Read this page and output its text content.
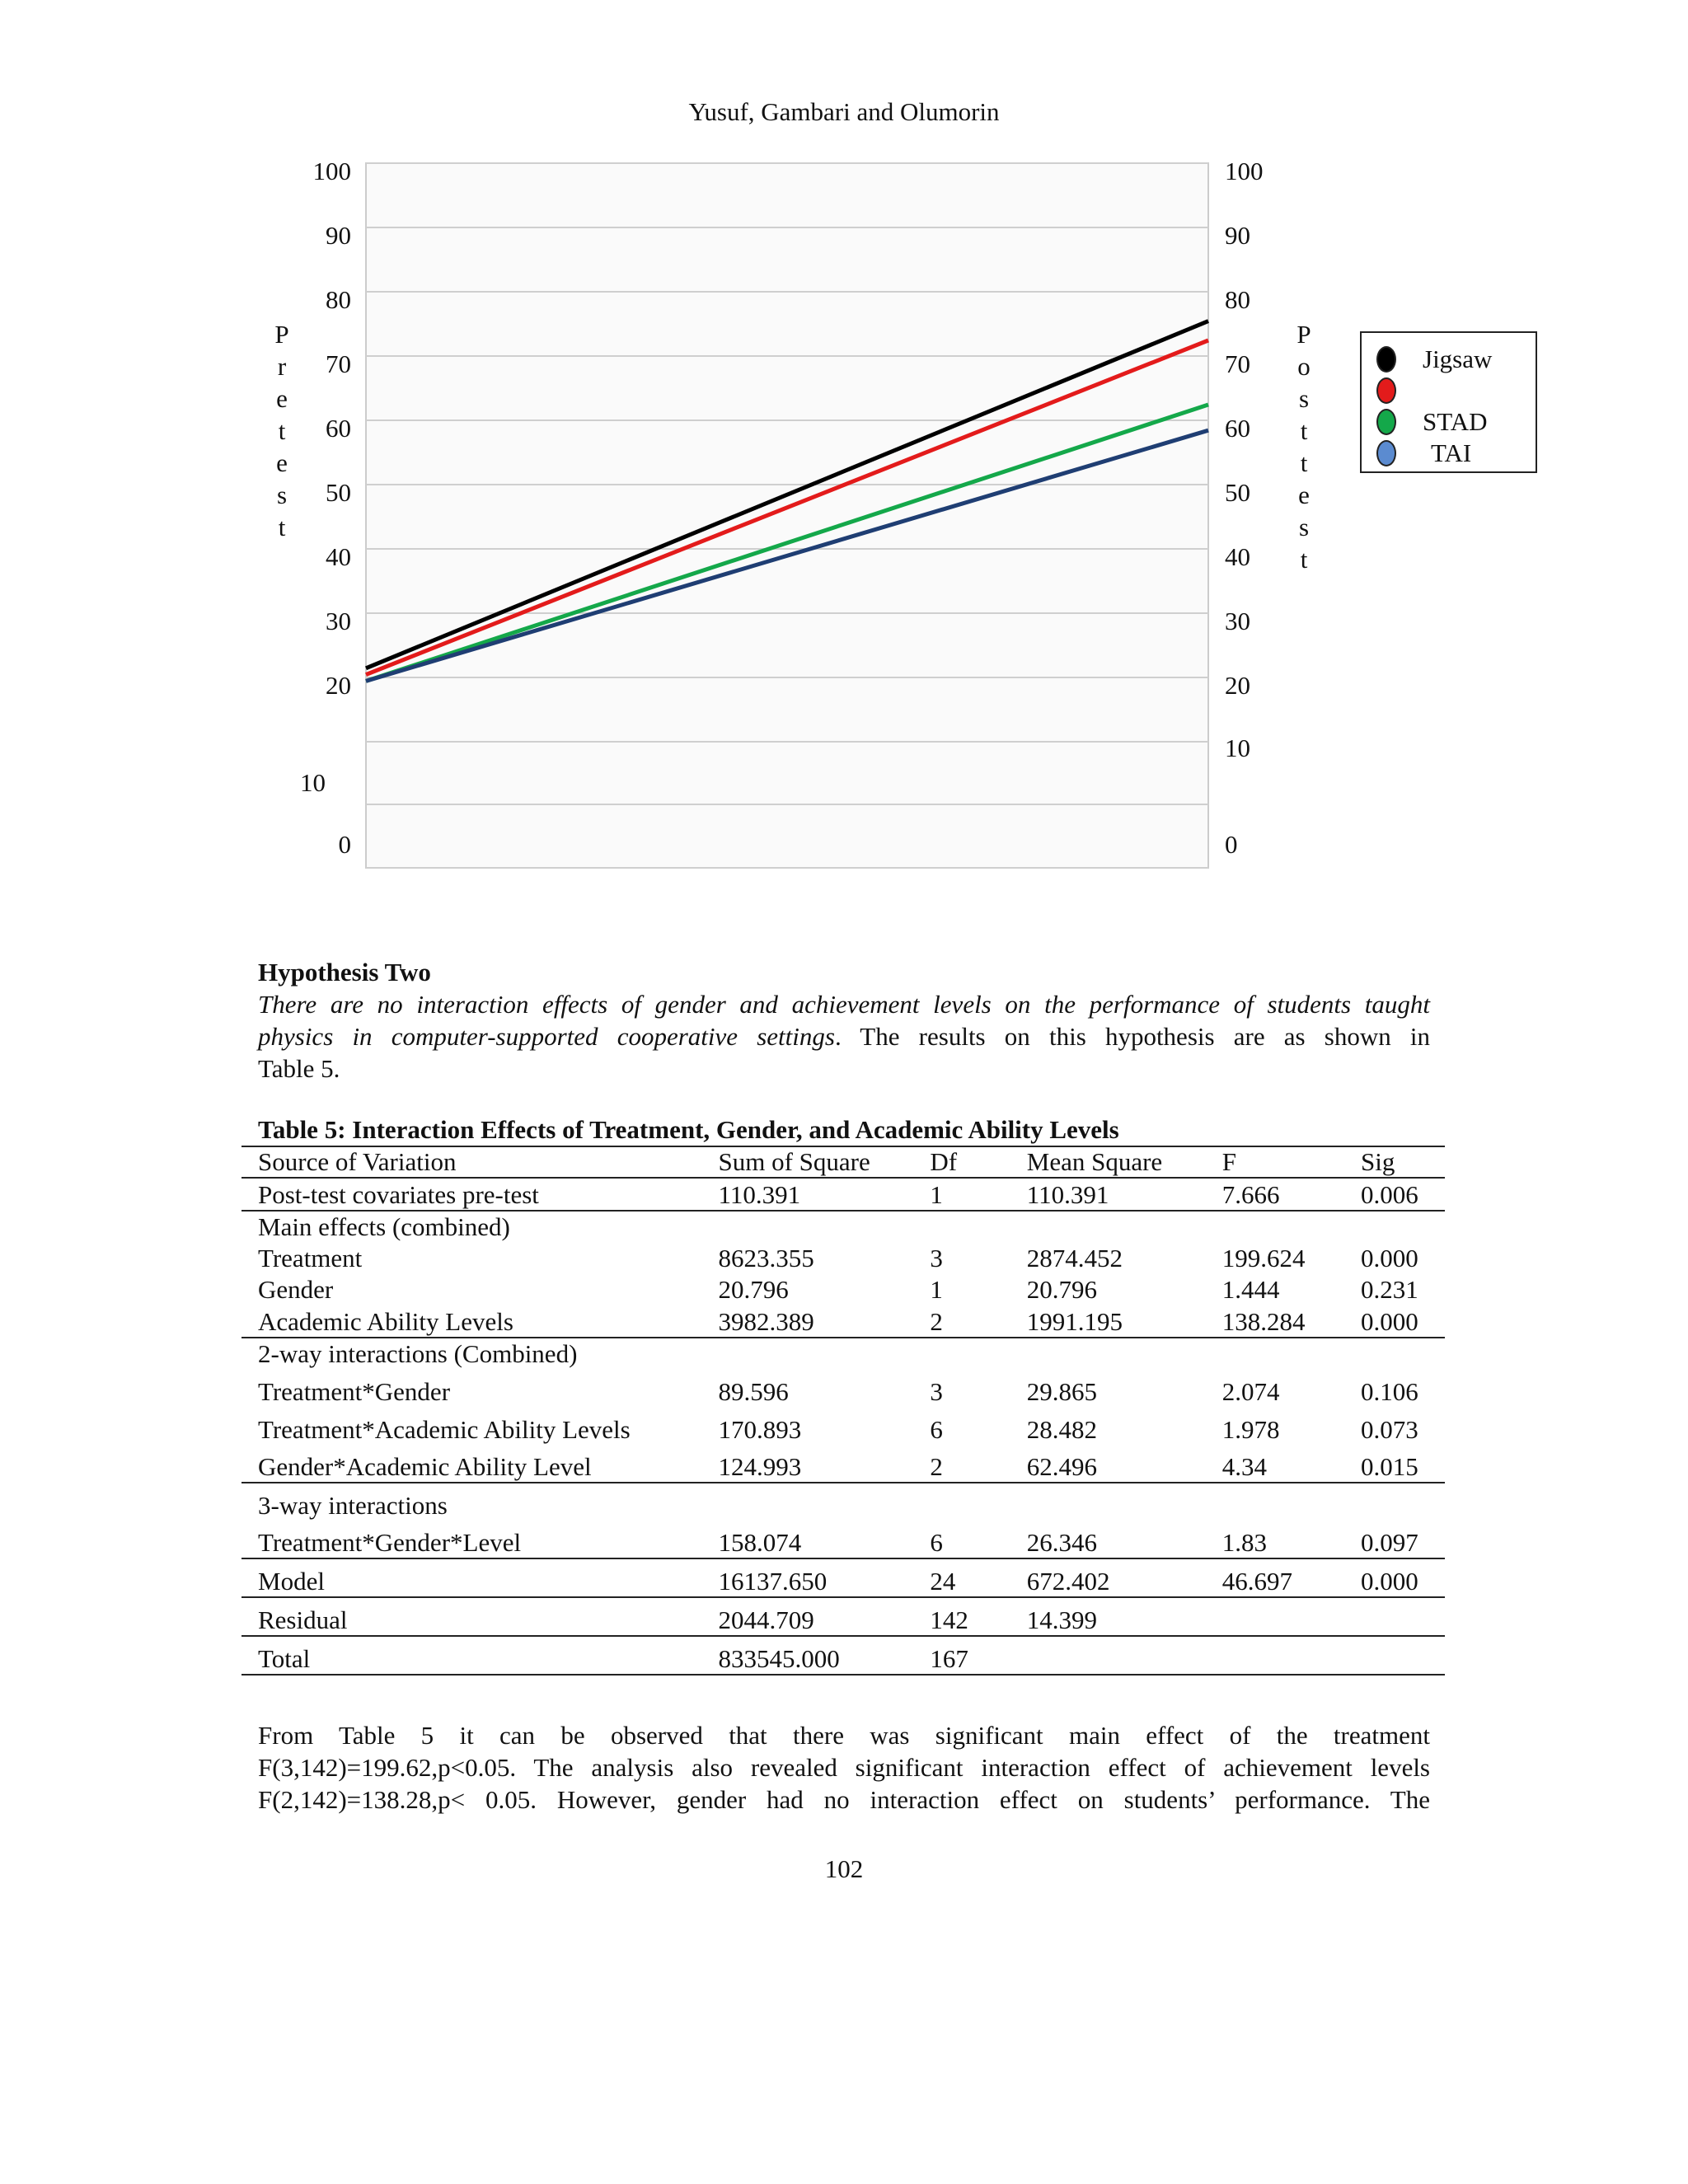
Yusuf, Gambari and Olumorin
100
90
80
70
60
50
40
30
20
10
0
100
90
80
70
60
50
40
30
20
10
0
P
r
e
t
e
s
t
P
o
s
t
t
e
s
t
Jigsaw
STAD
TAI
Hypothesis Two
There are no interaction effects of gender and achievement levels on the performance of students taught
physics in computer-supported cooperative settings. The results on this hypothesis are as shown in
Table 5.
Table 5: Interaction Effects of Treatment, Gender, and Academic Ability Levels
Source of Variation	Sum of Square	Df	Mean Square	F	Sig
Post-test covariates pre-test	110.391	1	110.391	7.666	0.006
Main effects (combined)					
Treatment	8623.355	3	2874.452	199.624	0.000
Gender	20.796	1	20.796	1.444	0.231
Academic Ability Levels	3982.389	2	1991.195	138.284	0.000
2-way interactions (Combined)					
Treatment*Gender	89.596	3	29.865	2.074	0.106
Treatment*Academic Ability Levels	170.893	6	28.482	1.978	0.073
Gender*Academic Ability Level	124.993	2	62.496	4.34	0.015
3-way interactions					
Treatment*Gender*Level	158.074	6	26.346	1.83	0.097
Model	16137.650	24	672.402	46.697	0.000
Residual	2044.709	142	14.399		
Total	833545.000	167			
From Table 5 it can be observed that there was significant main effect of the treatment
F(3,142)=199.62,p<0.05. The analysis also revealed significant interaction effect of achievement levels
F(2,142)=138.28,p< 0.05. However, gender had no interaction effect on students’ performance. The
102
